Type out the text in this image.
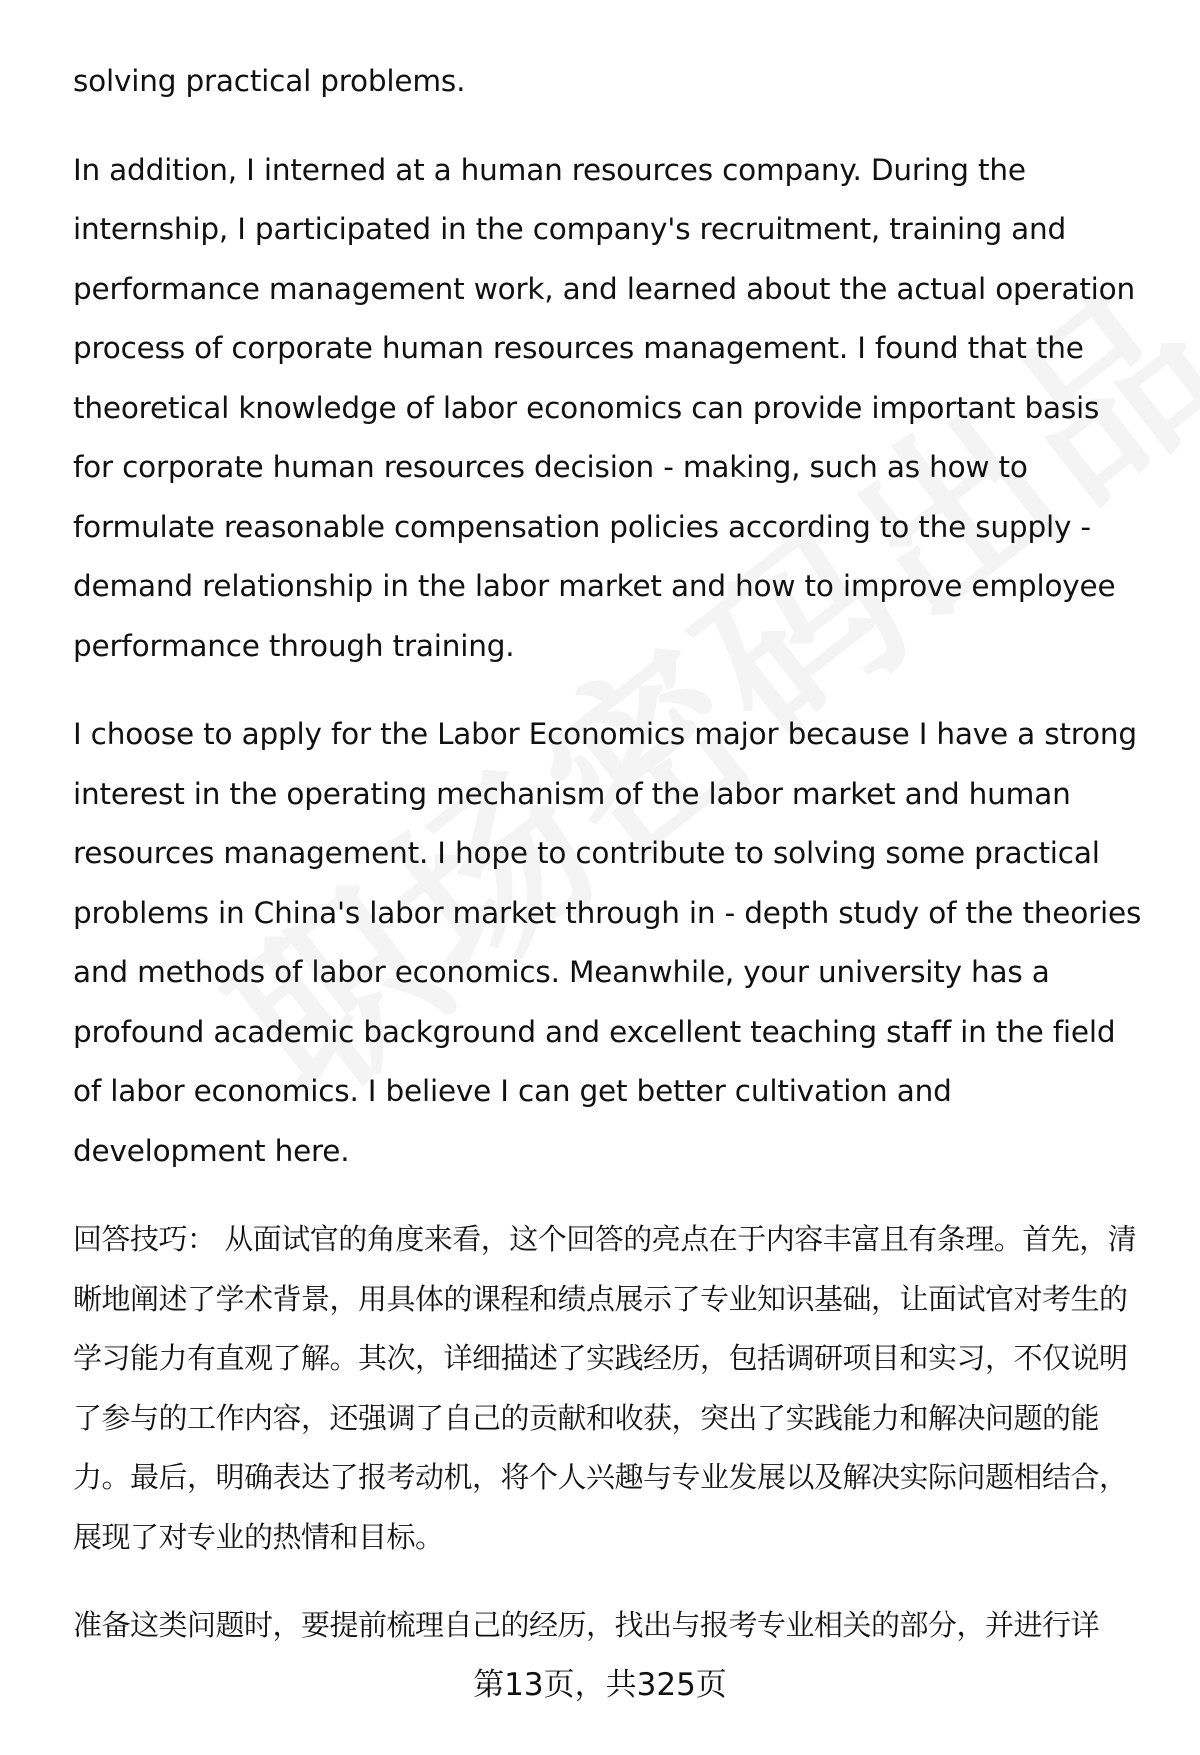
solving practical problems.

In addition, I interned at a human resources company. During the internship, I participated in the company's recruitment, training and performance management work, and learned about the actual operation process of corporate human resources management. I found that the theoretical knowledge of labor economics can provide important basis for corporate human resources decision - making, such as how to formulate reasonable compensation policies according to the supply - demand relationship in the labor market and how to improve employee performance through training.

I choose to apply for the Labor Economics major because I have a strong interest in the operating mechanism of the labor market and human resources management. I hope to contribute to solving some practical problems in China's labor market through in - depth study of the theories and methods of labor economics. Meanwhile, your university has a profound academic background and excellent teaching staff in the field of labor economics. I believe I can get better cultivation and development here.

回答技巧： 从面试官的角度来看，这个回答的亮点在于内容丰富且有条理。首先，清晰地阐述了学术背景，用具体的课程和绩点展示了专业知识基础，让面试官对考生的学习能力有直观了解。其次，详细描述了实践经历，包括调研项目和实习，不仅说明了参与的工作内容，还强调了自己的贡献和收获，突出了实践能力和解决问题的能力。最后，明确表达了报考动机，将个人兴趣与专业发展以及解决实际问题相结合，展现了对专业的热情和目标。

准备这类问题时，要提前梳理自己的经历，找出与报考专业相关的部分，并进行详

第13页，共325页
